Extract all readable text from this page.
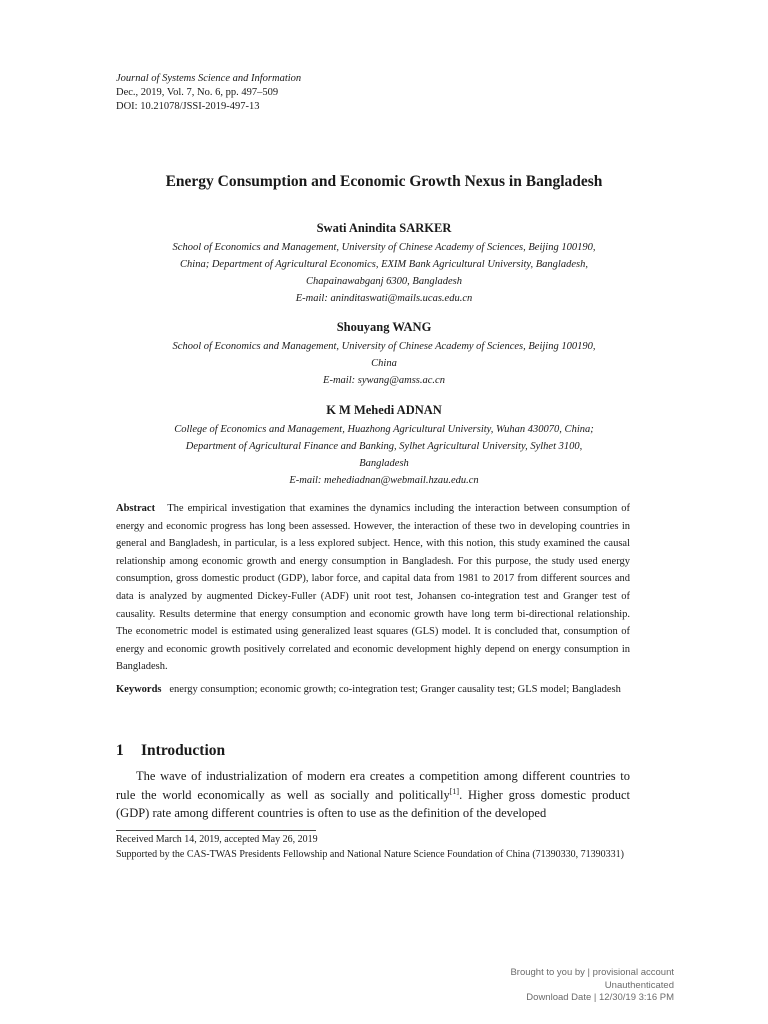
Journal of Systems Science and Information
Dec., 2019, Vol. 7, No. 6, pp. 497–509
DOI: 10.21078/JSSI-2019-497-13
Energy Consumption and Economic Growth Nexus in Bangladesh
Swati Anindita SARKER
School of Economics and Management, University of Chinese Academy of Sciences, Beijing 100190,
China; Department of Agricultural Economics, EXIM Bank Agricultural University, Bangladesh,
Chapainawabganj 6300, Bangladesh
E-mail: aninditaswati@mails.ucas.edu.cn
Shouyang WANG
School of Economics and Management, University of Chinese Academy of Sciences, Beijing 100190,
China
E-mail: sywang@amss.ac.cn
K M Mehedi ADNAN
College of Economics and Management, Huazhong Agricultural University, Wuhan 430070, China;
Department of Agricultural Finance and Banking, Sylhet Agricultural University, Sylhet 3100,
Bangladesh
E-mail: mehediadnan@webmail.hzau.edu.cn

Abstract The empirical investigation that examines the dynamics including the interaction between consumption of energy and economic progress has long been assessed. However, the interaction of these two in developing countries in general and Bangladesh, in particular, is a less explored subject. Hence, with this notion, this study examined the causal relationship among economic growth and energy consumption in Bangladesh. For this purpose, the study used energy consumption, gross domestic product (GDP), labor force, and capital data from 1981 to 2017 from different sources and data is analyzed by augmented Dickey-Fuller (ADF) unit root test, Johansen co-integration test and Granger test of causality. Results determine that energy consumption and economic growth have long term bi-directional relationship. The econometric model is estimated using generalized least squares (GLS) model. It is concluded that, consumption of energy and economic growth positively correlated and economic development highly depend on energy consumption in Bangladesh.

Keywords energy consumption; economic growth; co-integration test; Granger causality test; GLS model; Bangladesh

1 Introduction

The wave of industrialization of modern era creates a competition among different countries to rule the world economically as well as socially and politically[1]. Higher gross domestic product (GDP) rate among different countries is often to use as the definition of the developed

Received March 14, 2019, accepted May 26, 2019
Supported by the CAS-TWAS Presidents Fellowship and National Nature Science Foundation of China (71390330, 71390331)
Brought to you by | provisional account
Unauthenticated
Download Date | 12/30/19 3:16 PM
